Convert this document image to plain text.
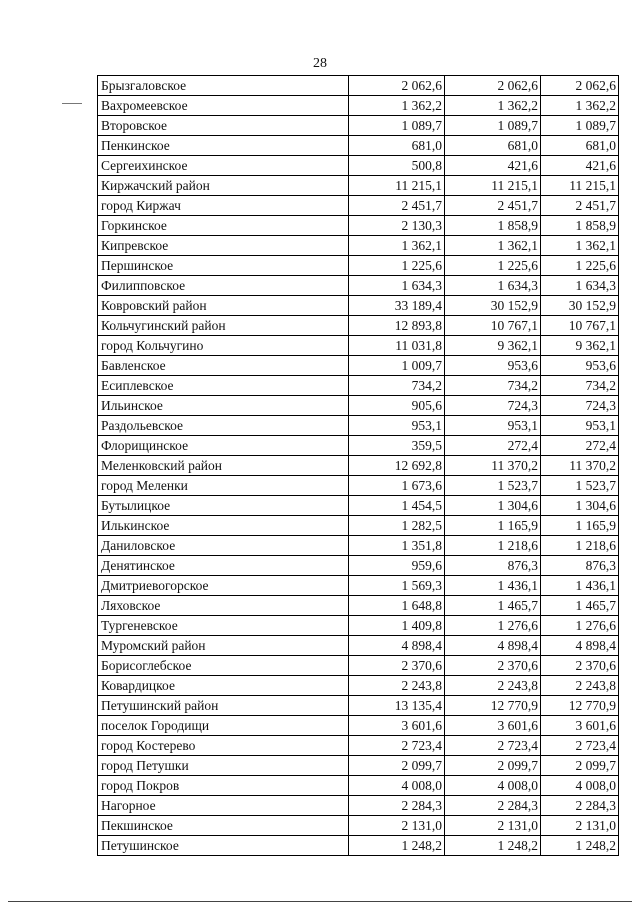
28
Брызгаловское	2 062,6	2 062,6	2 062,6
Вахромеевское	1 362,2	1 362,2	1 362,2
Второвское	1 089,7	1 089,7	1 089,7
Пенкинское	681,0	681,0	681,0
Сергеихинское	500,8	421,6	421,6
Киржачский район	11 215,1	11 215,1	11 215,1
город Киржач	2 451,7	2 451,7	2 451,7
Горкинское	2 130,3	1 858,9	1 858,9
Кипревское	1 362,1	1 362,1	1 362,1
Першинское	1 225,6	1 225,6	1 225,6
Филипповское	1 634,3	1 634,3	1 634,3
Ковровский район	33 189,4	30 152,9	30 152,9
Кольчугинский район	12 893,8	10 767,1	10 767,1
город Кольчугино	11 031,8	9 362,1	9 362,1
Бавленское	1 009,7	953,6	953,6
Есиплевское	734,2	734,2	734,2
Ильинское	905,6	724,3	724,3
Раздольевское	953,1	953,1	953,1
Флорищинское	359,5	272,4	272,4
Меленковский район	12 692,8	11 370,2	11 370,2
город Меленки	1 673,6	1 523,7	1 523,7
Бутылицкое	1 454,5	1 304,6	1 304,6
Илькинское	1 282,5	1 165,9	1 165,9
Даниловское	1 351,8	1 218,6	1 218,6
Денятинское	959,6	876,3	876,3
Дмитриевогорское	1 569,3	1 436,1	1 436,1
Ляховское	1 648,8	1 465,7	1 465,7
Тургеневское	1 409,8	1 276,6	1 276,6
Муромский район	4 898,4	4 898,4	4 898,4
Борисоглебское	2 370,6	2 370,6	2 370,6
Ковардицкое	2 243,8	2 243,8	2 243,8
Петушинский район	13 135,4	12 770,9	12 770,9
поселок Городищи	3 601,6	3 601,6	3 601,6
город Костерево	2 723,4	2 723,4	2 723,4
город Петушки	2 099,7	2 099,7	2 099,7
город Покров	4 008,0	4 008,0	4 008,0
Нагорное	2 284,3	2 284,3	2 284,3
Пекшинское	2 131,0	2 131,0	2 131,0
Петушинское	1 248,2	1 248,2	1 248,2
